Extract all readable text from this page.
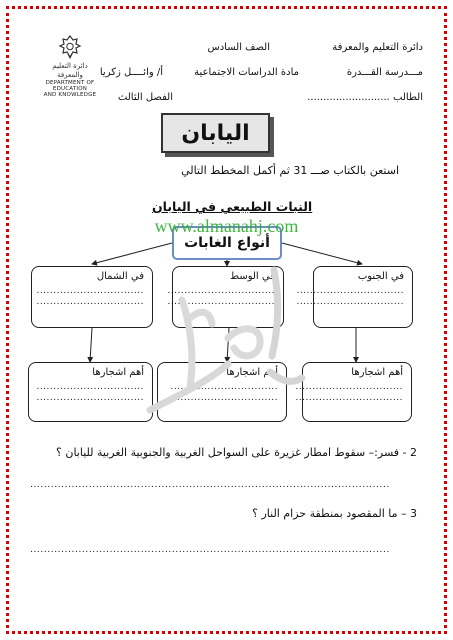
دائرة التعليم والمعرفة
DEPARTMENT OF EDUCATION
AND KNOWLEDGE
دائرة التعليم والمعرفة
مـــدرسة القـــدرة
الطالب ..........................
الصف السادس
مادة الدراسات الاجتماعية
أ/ وائــــل زكريا
الفصل الثالث
اليابان
استعن بالكتاب صـــ 31 ثم أكمل المخطط التالي
النبات الطبيعي في اليابان
أنواع الغابات
في الجنوب
................................
................................
في الوسط
................................
................................
في الشمال
................................
................................
أهم اشجارها
................................
................................
أهم اشجارها
................................
................................
أهم اشجارها
................................
................................
www.almanahj.com
2 - فسر:– سقوط امطار غزيرة على السواحل الغربية والجنوبية الغربية لليابان ؟
........................................................................................................
3 – ما المقصود بمنطقة حزام النار ؟
........................................................................................................
